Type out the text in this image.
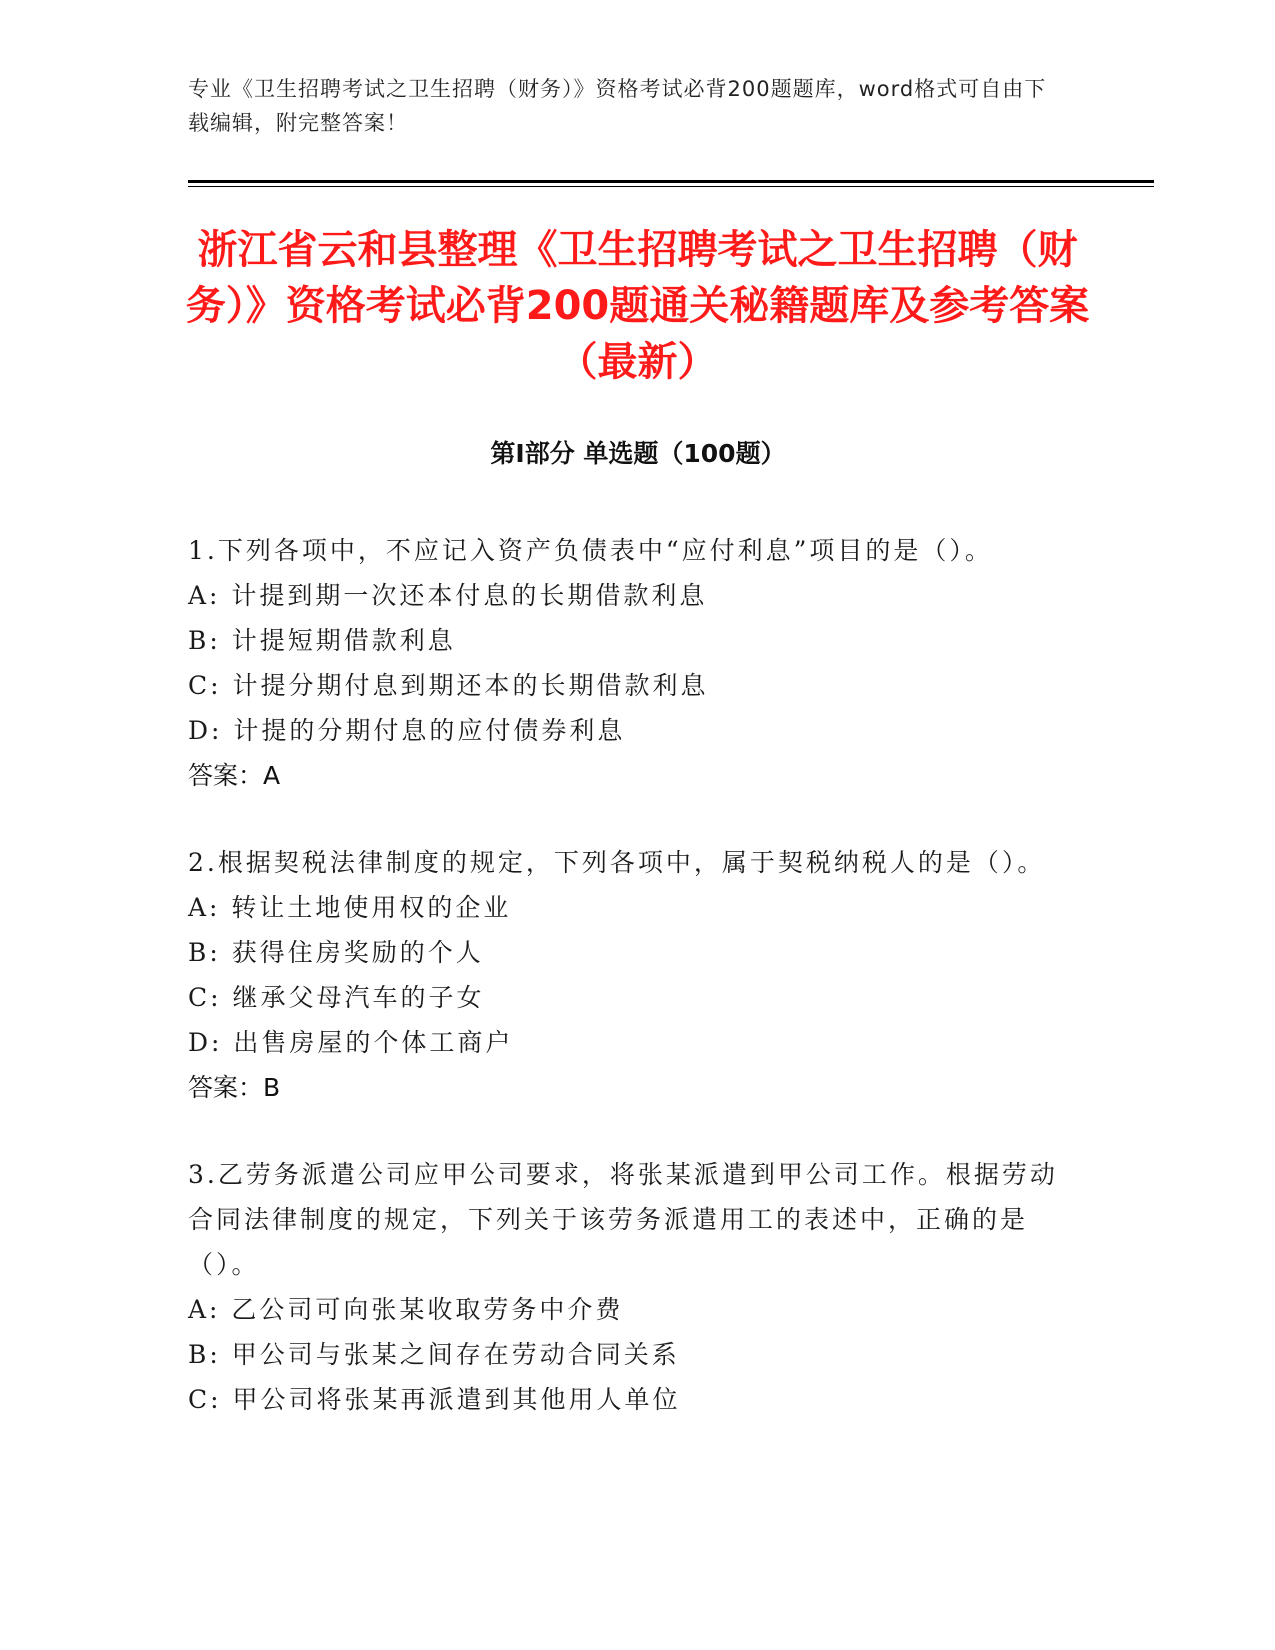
专业《卫生招聘考试之卫生招聘（财务）》资格考试必背200题题库，word格式可自由下载编辑，附完整答案！
浙江省云和县整理《卫生招聘考试之卫生招聘（财务）》资格考试必背200题通关秘籍题库及参考答案（最新）
第Ⅰ部分 单选题（100题）

1.下列各项中，不应记入资产负债表中“应付利息”项目的是（）。

A: 计提到期一次还本付息的长期借款利息

B: 计提短期借款利息

C: 计提分期付息到期还本的长期借款利息

D: 计提的分期付息的应付债券利息

答案：A

2.根据契税法律制度的规定，下列各项中，属于契税纳税人的是（）。

A: 转让土地使用权的企业

B: 获得住房奖励的个人

C: 继承父母汽车的子女

D: 出售房屋的个体工商户

答案：B

3.乙劳务派遣公司应甲公司要求，将张某派遣到甲公司工作。根据劳动合同法律制度的规定，下列关于该劳务派遣用工的表述中，正确的是（）。

A: 乙公司可向张某收取劳务中介费

B: 甲公司与张某之间存在劳动合同关系

C: 甲公司将张某再派遣到其他用人单位
